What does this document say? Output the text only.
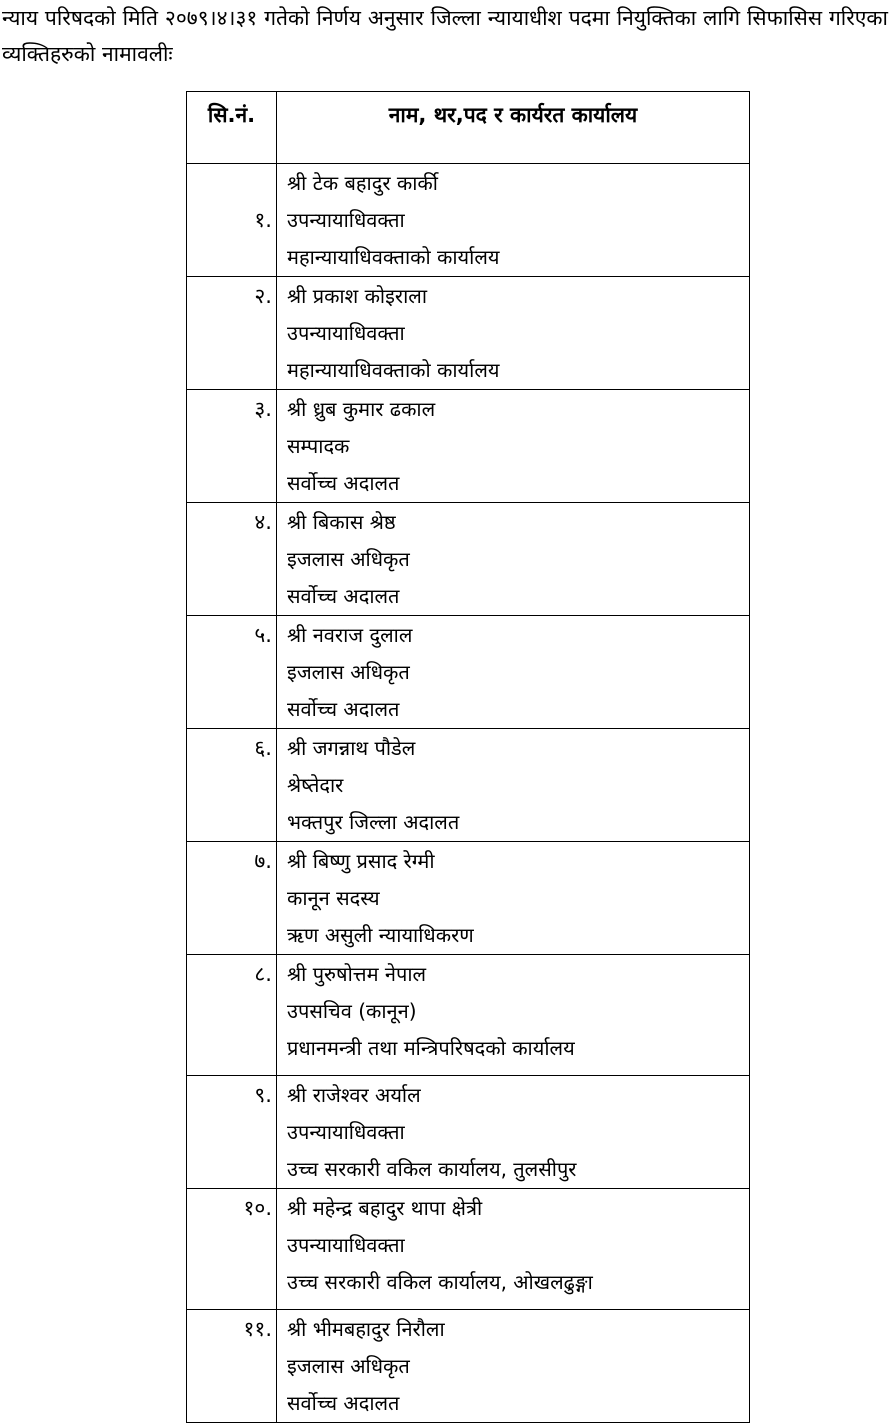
न्याय परिषदको मिति २०७९।४।३१ गतेको निर्णय अनुसार जिल्ला न्यायाधीश पदमा नियुक्तिका लागि सिफासिस गरिएका व्यक्तिहरुको नामावलीः
सि.नं.	नाम, थर,पद र कार्यरत कार्यालय
१.	श्री टेक बहादुर कार्की
उपन्यायाधिवक्ता
महान्यायाधिवक्ताको कार्यालय

२.	श्री प्रकाश कोइराला
उपन्यायाधिवक्ता
महान्यायाधिवक्ताको कार्यालय

३.	श्री ध्रुब कुमार ढकाल
सम्पादक
सर्वोच्च अदालत

४.	श्री बिकास श्रेष्ठ
इजलास अधिकृत
सर्वोच्च अदालत

५.	श्री नवराज दुलाल
इजलास अधिकृत
सर्वोच्च अदालत

६.	श्री जगन्नाथ पौडेल
श्रेष्तेदार
भक्तपुर जिल्ला अदालत

७.	श्री बिष्णु प्रसाद रेग्मी
कानून सदस्य
ऋण असुली न्यायाधिकरण

८.	श्री पुरुषोत्तम नेपाल
उपसचिव (कानून)
प्रधानमन्त्री तथा मन्त्रिपरिषदको कार्यालय

९.	श्री राजेश्वर अर्याल
उपन्यायाधिवक्ता
उच्च सरकारी वकिल कार्यालय, तुलसीपुर

१०.	श्री महेन्द्र बहादुर थापा क्षेत्री
उपन्यायाधिवक्ता
उच्च सरकारी वकिल कार्यालय, ओखलढुङ्गा

११.	श्री भीमबहादुर निरौला
इजलास अधिकृत
सर्वोच्च अदालत
